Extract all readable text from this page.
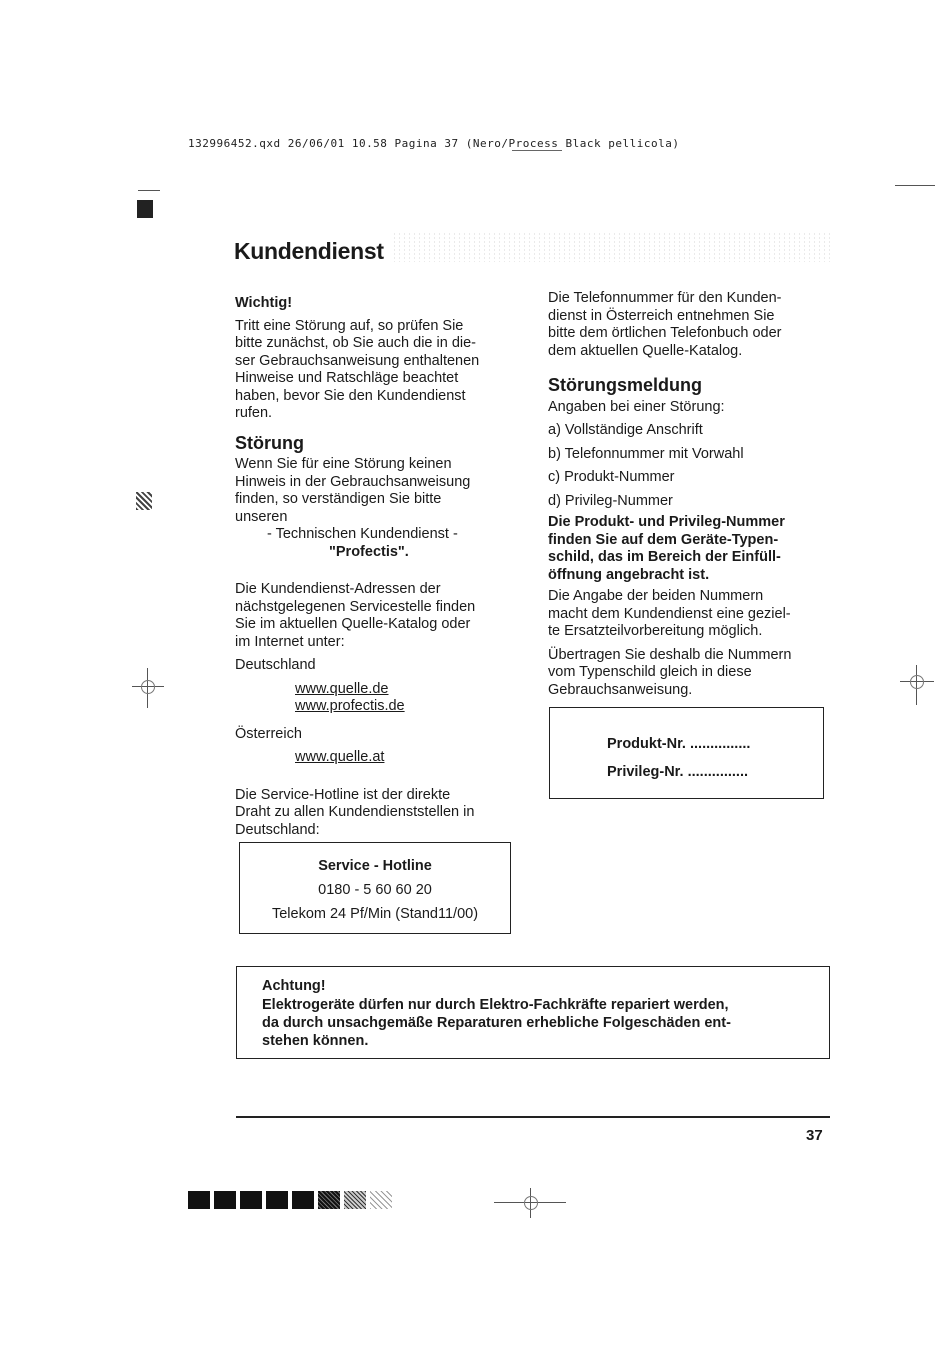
132996452.qxd 26/06/01 10.58 Pagina 37 (Nero/Process Black pellicola)
Kundendienst

Wichtig!

Tritt eine Störung auf, so prüfen Sie

bitte zunächst, ob Sie auch die in die-

ser Gebrauchsanweisung enthaltenen

Hinweise und Ratschläge beachtet

haben, bevor Sie den Kundendienst

rufen.

Störung

Wenn Sie für eine Störung keinen

Hinweis in der Gebrauchsanweisung

finden, so verständigen Sie bitte

unseren

- Technischen Kundendienst -

"Profectis".

Die Kundendienst-Adressen der

nächstgelegenen Servicestelle finden

Sie im aktuellen Quelle-Katalog oder

im Internet unter:

Deutschland

www.quelle.de

www.profectis.de

Österreich

www.quelle.at

Die Service-Hotline ist der direkte

Draht zu allen Kundendienststellen in

Deutschland:

Service - Hotline
0180 - 5 60 60 20
Telekom 24 Pf/Min (Stand11/00)

Die Telefonnummer für den Kunden-

dienst in Österreich entnehmen Sie

bitte dem örtlichen Telefonbuch oder

dem aktuellen Quelle-Katalog.

Störungsmeldung

Angaben bei einer Störung:

a) Vollständige Anschrift

b) Telefonnummer mit Vorwahl

c) Produkt-Nummer

d) Privileg-Nummer

Die Produkt- und Privileg-Nummer

finden Sie auf dem Geräte-Typen-

schild, das im Bereich der Einfüll-

öffnung angebracht ist.

Die Angabe der beiden Nummern

macht dem Kundendienst eine geziel-

te Ersatzteilvorbereitung möglich.

Übertragen Sie deshalb die Nummern

vom Typenschild gleich in diese

Gebrauchsanweisung.

Produkt-Nr. ...............
Privileg-Nr. ...............
Achtung!
Elektrogeräte dürfen nur durch Elektro-Fachkräfte repariert werden,
da durch unsachgemäße Reparaturen erhebliche Folgeschäden ent-
stehen können.
37
